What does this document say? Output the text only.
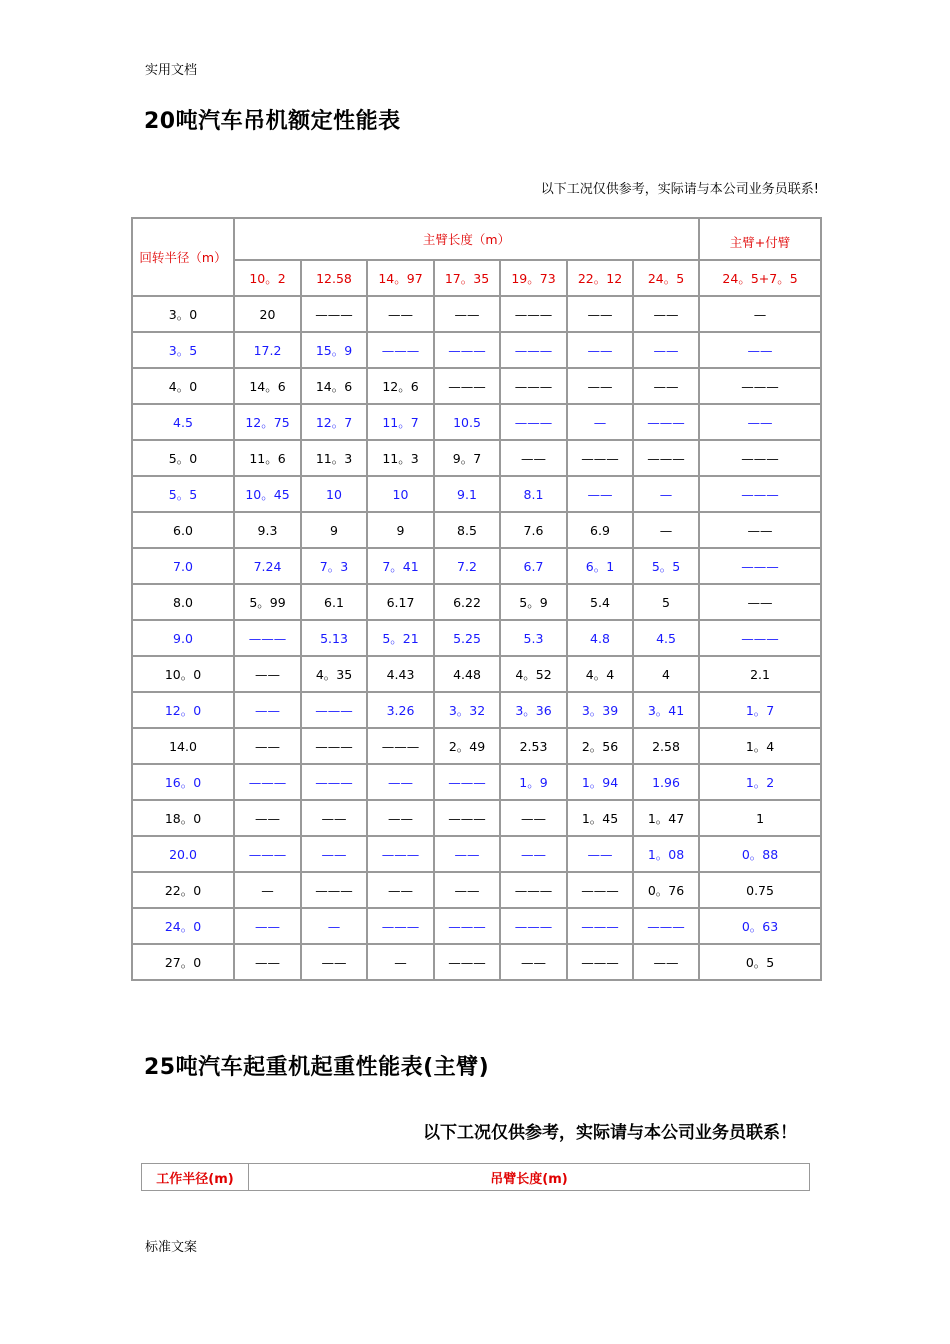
实用文档
20吨汽车吊机额定性能表
以下工况仅供参考，实际请与本公司业务员联系!
回转半径（m）	主臂长度（m）							主臂+付臂
	10。2	12.58	14。97	17。35	19。73	22。12	24。5	24。5+7。5
3。0	20	———	——	——	———	——	——	—
3。5	17.2	15。9	———	———	———	——	——	——
4。0	14。6	14。6	12。6	———	———	——	——	———
4.5	12。75	12。7	11。7	10.5	———	—	———	——
5。0	11。6	11。3	11。3	9。7	——	———	———	———
5。5	10。45	10	10	9.1	8.1	——	—	———
6.0	9.3	9	9	8.5	7.6	6.9	—	——
7.0	7.24	7。3	7。41	7.2	6.7	6。1	5。5	———
8.0	5。99	6.1	6.17	6.22	5。9	5.4	5	——
9.0	———	5.13	5。21	5.25	5.3	4.8	4.5	———
10。0	——	4。35	4.43	4.48	4。52	4。4	4	2.1
12。0	——	———	3.26	3。32	3。36	3。39	3。41	1。7
14.0	——	———	———	2。49	2.53	2。56	2.58	1。4
16。0	———	———	——	———	1。9	1。94	1.96	1。2
18。0	——	——	——	———	——	1。45	1。47	1
20.0	———	——	———	——	——	——	1。08	0。88
22。0	—	———	——	——	———	———	0。76	0.75
24。0	——	—	———	———	———	———	———	0。63
27。0	——	——	—	———	——	———	——	0。5
25吨汽车起重机起重性能表(主臂)
以下工况仅供参考，实际请与本公司业务员联系！
工作半径(m)	吊臂长度(m)
标准文案
